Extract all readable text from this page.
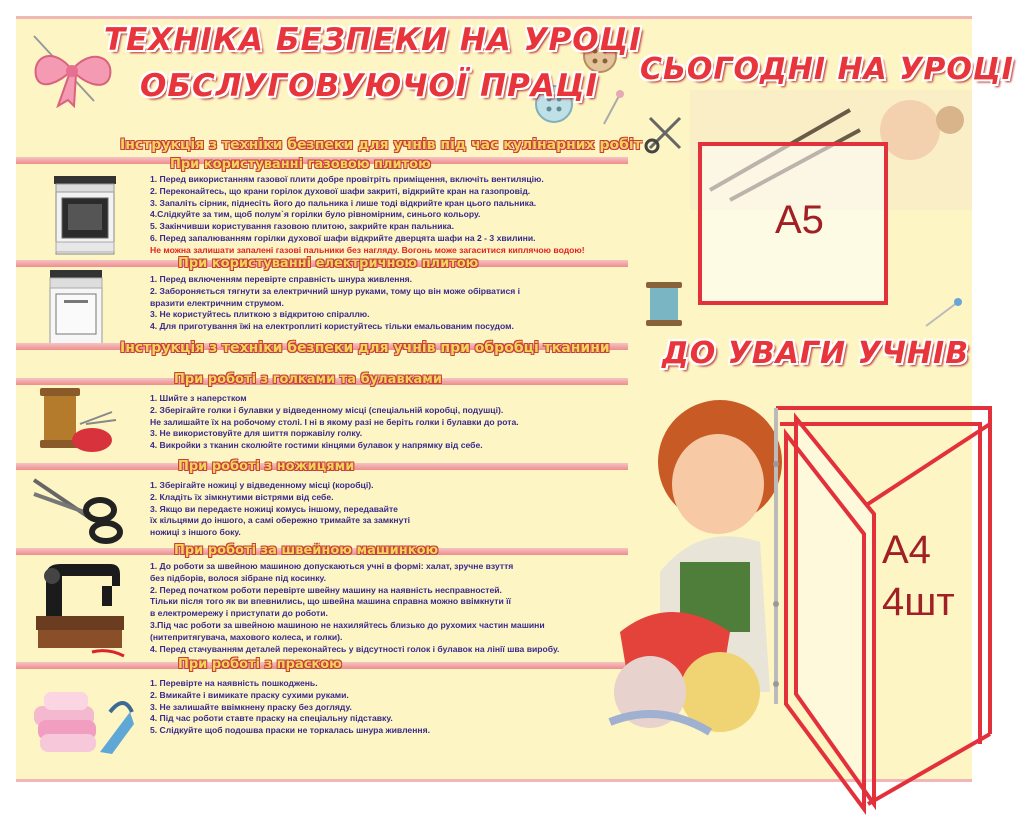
ТЕХНІКА БЕЗПЕКИ НА УРОЦІ
ОБСЛУГОВУЮЧОЇ ПРАЦІ СЬОГОДНІ НА УРОЦІ
ДО УВАГИ УЧНІВ
Інструкція з техніки безпеки для учнів під час кулінарних робіт
При користуванні газовою плитою
1. Перед використанням газової плити добре провітріть приміщення, включіть вентиляцію.
2. Переконайтесь, що крани горілок духової шафи закриті, відкрийте кран на газопровід.
3. Запаліть сірник, піднесіть його до пальника і лише тоді відкрийте кран цього пальника.
4.Слідкуйте за тим, щоб полум`я горілки було рівномірним, синього кольору.
5. Закінчивши користування газовою плитою, закрийте кран пальника.
6. Перед запалюванням горілки духової шафи відкрийте дверцята шафи на 2 - 3 хвилини.
Не можна залишати запалені газові пальники без нагляду. Вогонь може загаситися киплячою водою!
При користуванні електричною плитою
1. Перед включенням перевірте справність шнура живлення.
2. Забороняється тягнути за електричний шнур руками, тому що він може обірватися і
вразити електричним струмом.
3. Не користуйтесь плиткою з відкритою спіраллю.
4. Для приготування їжі на електроплиті користуйтесь тільки емальованим посудом.
Інструкція з техніки безпеки для учнів при обробці тканини
При роботі з голками та булавками
1. Шийте з наперстком
2. Зберігайте голки і булавки у відведенному місці (спеціальній коробці, подушці).
Не залишайте їх на робочому столі. І ні в якому разі не беріть голки і булавки до рота.
3. Не використовуйте для шиття поржавілу голку.
4. Викройки з тканин сколюйте гостими кінцями булавок у напрямку від себе.
При роботі з ножицями
1. Зберігайте ножиці у відведенному місці (коробці).
2. Кладіть їх зімкнутими вістрями від себе.
3. Якщо ви передаєте ножиці комусь іншому, передавайте
їх кільцями до іншого, а самі обережно тримайте за замкнуті
ножиці з іншого боку.
При роботі за швейною машинкою
1. До роботи за швейною машиною допускаються учні в формі: халат, зручне взуття
без підборів, волося зібране під косинку.
2. Перед початком роботи перевірте швейну машину на наявність несправностей.
Тільки після того як ви впевнились, що швейна машина справна можно ввімкнути її
в електромережу і приступати до роботи.
3.Під час роботи за швейною машиною не нахиляйтесь близько до рухомих частин машини
(нитепритягувача, махового колеса, и голки).
4. Перед стачуванням деталей переконайтесь у відсутності голок і булавок на лінії шва виробу.
При роботі з праскою
1. Перевірте на наявність пошкоджень.
2. Вмикайте і вимикате праску сухими руками.
3. Не залишайте ввімкнену праску без догляду.
4. Під час роботи ставте праску на спеціальну підставку.
5. Слідкуйте щоб подошва праски не торкалась шнура живлення.
А5
А4
4шт
